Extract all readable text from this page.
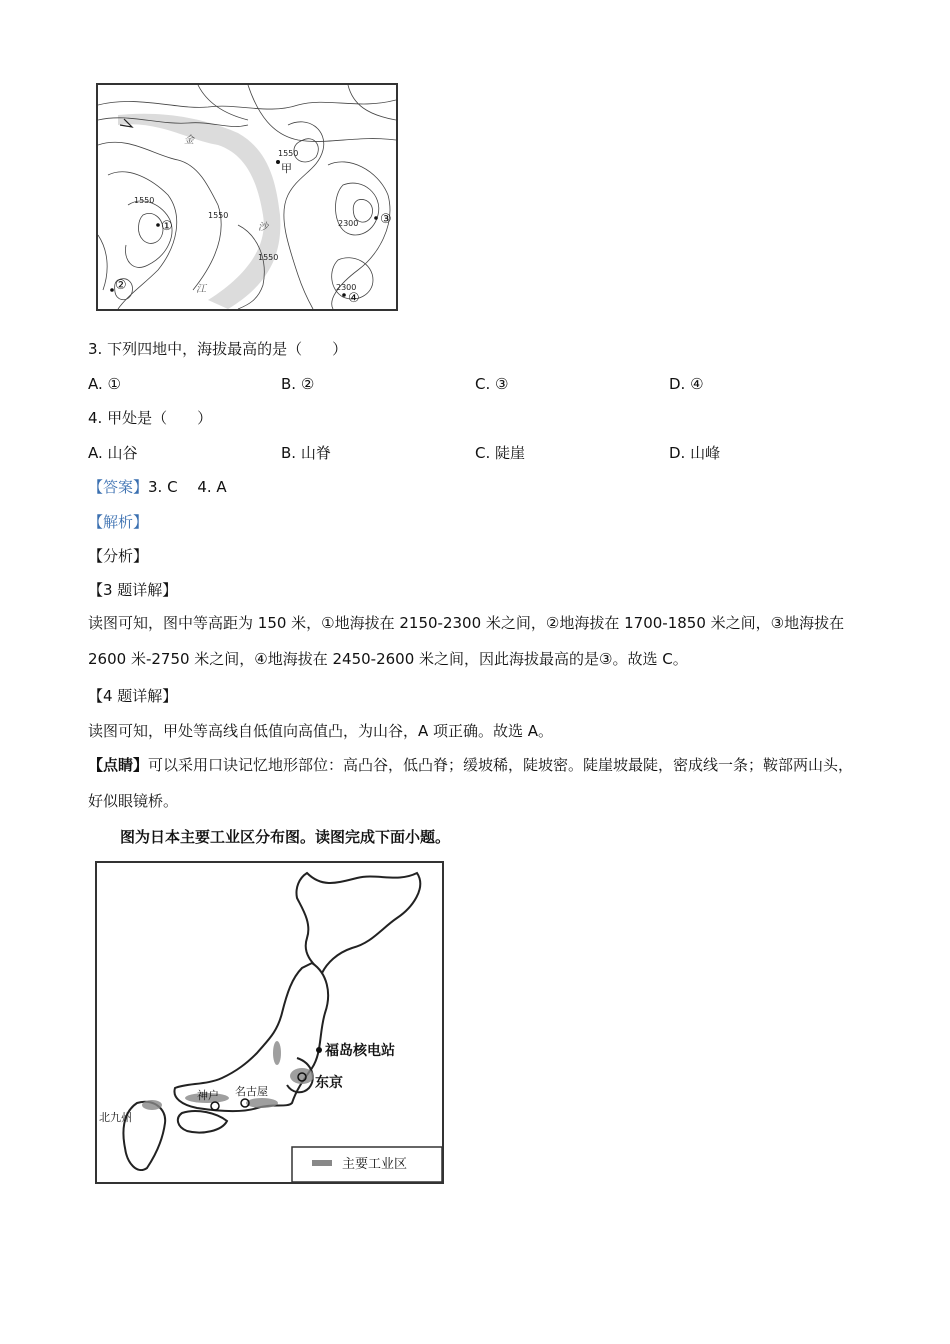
1550
1550
1550
1550
2300
2300
甲
①
②
③
④
金
沙
江
3. 下列四地中，海拔最高的是（　　）
A. ①	B. ②	C. ③	D. ④
4. 甲处是（　　）
A. 山谷	B. 山脊	C. 陡崖	D. 山峰
【答案】3. C　 4. A
【解析】
【分析】
【3 题详解】
读图可知，图中等高距为 150 米，①地海拔在 2150-2300 米之间，②地海拔在 1700-1850 米之间，③地海拔在 2600 米-2750 米之间，④地海拔在 2450-2600 米之间，因此海拔最高的是③。故选 C。
【4 题详解】
读图可知，甲处等高线自低值向高值凸，为山谷，A 项正确。故选 A。
【点睛】可以采用口诀记忆地形部位：高凸谷，低凸脊；缓坡稀，陡坡密。陡崖坡最陡，密成线一条；鞍部两山头，好似眼镜桥。
图为日本主要工业区分布图。读图完成下面小题。
福岛核电站
东京
名古屋
神户
北九州
主要工业区
